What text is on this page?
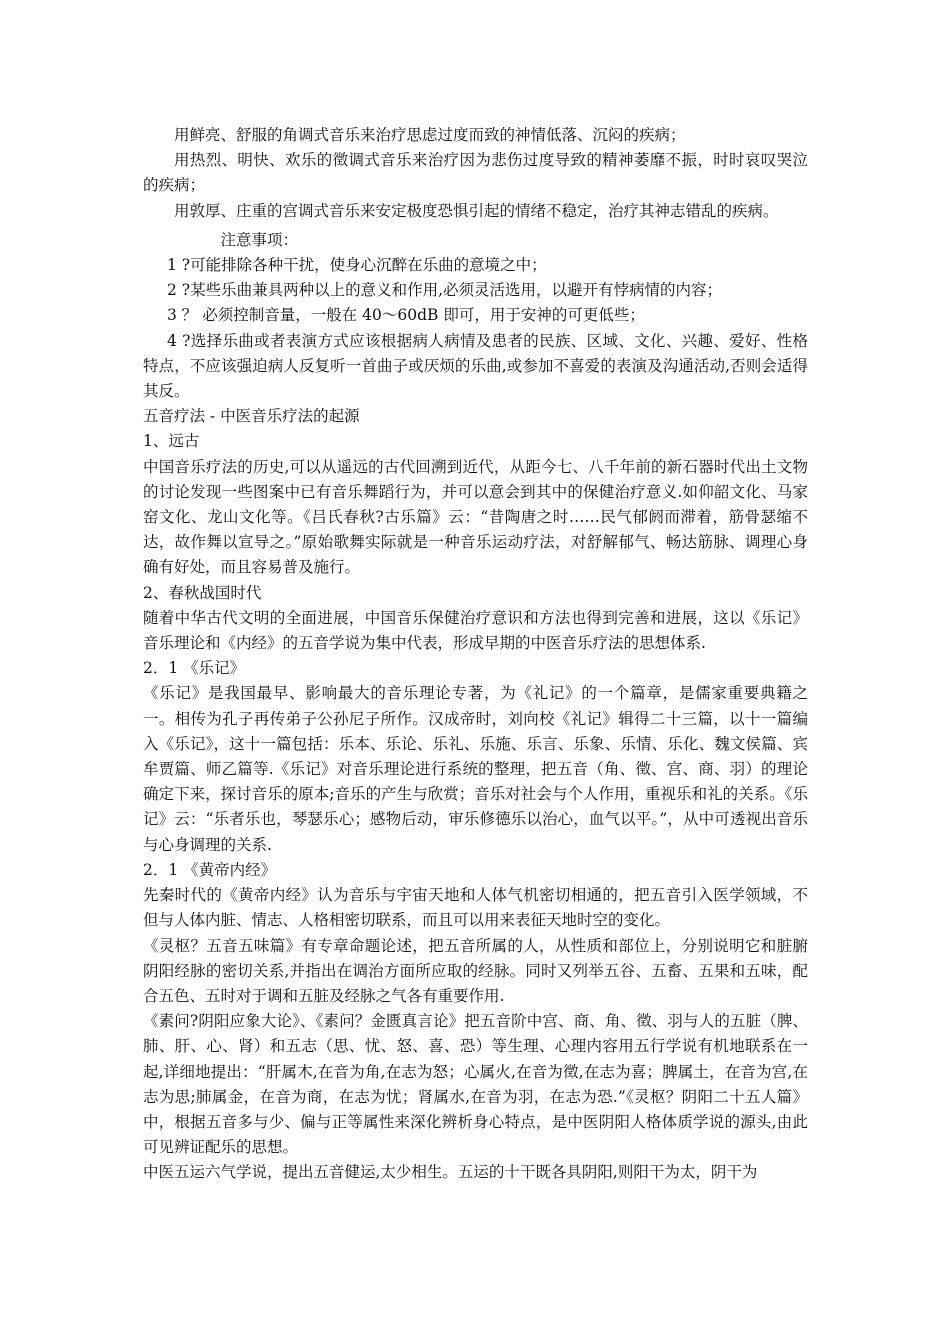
用鲜亮、舒服的角调式音乐来治疗思虑过度而致的神情低落、沉闷的疾病；

用热烈、明快、欢乐的徵调式音乐来治疗因为悲伤过度导致的精神萎靡不振，时时哀叹哭泣的疾病；

用敦厚、庄重的宫调式音乐来安定极度恐惧引起的情绪不稳定，治疗其神志错乱的疾病。

注意事项：

1 ?可能排除各种干扰，使身心沉醉在乐曲的意境之中；

2 ?某些乐曲兼具两种以上的意义和作用,必须灵活选用，以避开有悖病情的内容；

3 ？ 必须控制音量，一般在 40～60dB 即可，用于安神的可更低些；

4 ?选择乐曲或者表演方式应该根据病人病情及患者的民族、区域、文化、兴趣、爱好、性格特点，不应该强迫病人反复听一首曲子或厌烦的乐曲,或参加不喜爱的表演及沟通活动,否则会适得其反。

五音疗法 - 中医音乐疗法的起源

1、远古

中国音乐疗法的历史,可以从遥远的古代回溯到近代，从距今七、八千年前的新石器时代出土文物的讨论发现一些图案中已有音乐舞蹈行为，并可以意会到其中的保健治疗意义.如仰韶文化、马家窑文化、龙山文化等。《吕氏春秋?古乐篇》云：“昔陶唐之时……民气郁阏而滞着，筋骨瑟缩不达，故作舞以宣导之。”原始歌舞实际就是一种音乐运动疗法，对舒解郁气、畅达筋脉、调理心身确有好处，而且容易普及施行。

2、春秋战国时代

随着中华古代文明的全面进展，中国音乐保健治疗意识和方法也得到完善和进展，这以《乐记》音乐理论和《内经》的五音学说为集中代表，形成早期的中医音乐疗法的思想体系.

2．1 《乐记》

《乐记》是我国最早、影响最大的音乐理论专著，为《礼记》的一个篇章，是儒家重要典籍之一。相传为孔子再传弟子公孙尼子所作。汉成帝时，刘向校《礼记》辑得二十三篇，以十一篇编入《乐记》，这十一篇包括：乐本、乐论、乐礼、乐施、乐言、乐象、乐情、乐化、魏文侯篇、宾牟贾篇、师乙篇等.《乐记》对音乐理论进行系统的整理，把五音（角、徵、宫、商、羽）的理论确定下来，探讨音乐的原本;音乐的产生与欣赏；音乐对社会与个人作用，重视乐和礼的关系。《乐记》云：“乐者乐也，琴瑟乐心；感物后动，审乐修德乐以治心，血气以平。”，从中可透视出音乐与心身调理的关系.

2．1 《黄帝内经》

先秦时代的《黄帝内经》认为音乐与宇宙天地和人体气机密切相通的，把五音引入医学领域，不但与人体内脏、情志、人格相密切联系，而且可以用来表征天地时空的变化。

《灵枢？五音五味篇》有专章命题论述，把五音所属的人，从性质和部位上，分别说明它和脏腑阴阳经脉的密切关系,并指出在调治方面所应取的经脉。同时又列举五谷、五畜、五果和五味，配合五色、五时对于调和五脏及经脉之气各有重要作用.

《素问?阴阳应象大论》、《素问？金匮真言论》把五音阶中宫、商、角、徵、羽与人的五脏（脾、肺、肝、心、肾）和五志（思、忧、怒、喜、恐）等生理、心理内容用五行学说有机地联系在一起,详细地提出：“肝属木,在音为角,在志为怒；心属火,在音为徵,在志为喜；脾属土，在音为宫,在志为思;肺属金，在音为商，在志为忧；肾属水,在音为羽，在志为恐.”《灵枢？阴阳二十五人篇》中，根据五音多与少、偏与正等属性来深化辨析身心特点，是中医阴阳人格体质学说的源头,由此可见辨证配乐的思想。

中医五运六气学说，提出五音健运,太少相生。五运的十干既各具阴阳,则阳干为太，阴干为
